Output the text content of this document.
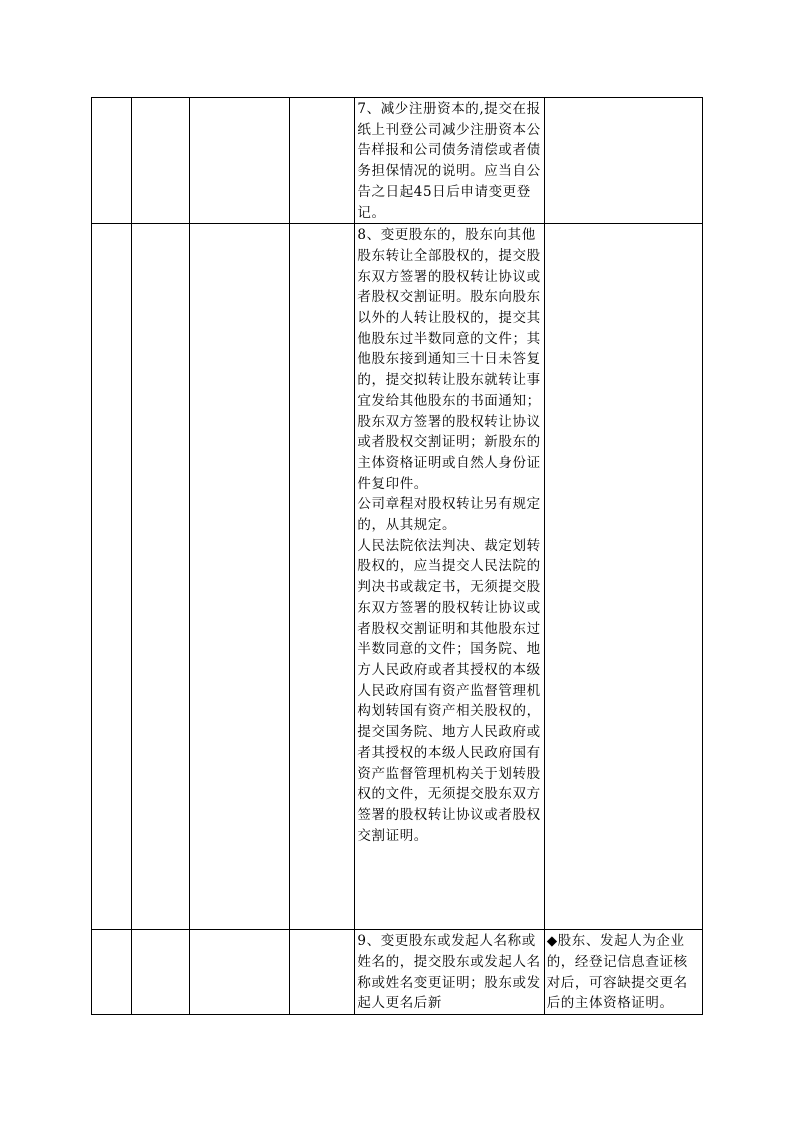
				7、减少注册资本的,提交在报纸上刊登公司减少注册资本公告样报和公司债务清偿或者债务担保情况的说明。应当自公告之日起45日后申请变更登记。	

				8、变更股东的，股东向其他股东转让全部股权的，提交股东双方签署的股权转让协议或者股权交割证明。股东向股东以外的人转让股权的，提交其他股东过半数同意的文件；其他股东接到通知三十日未答复的，提交拟转让股东就转让事宜发给其他股东的书面通知；股东双方签署的股权转让协议或者股权交割证明；新股东的主体资格证明或自然人身份证件复印件。
公司章程对股权转让另有规定的，从其规定。
人民法院依法判决、裁定划转股权的，应当提交人民法院的判决书或裁定书，无须提交股东双方签署的股权转让协议或者股权交割证明和其他股东过半数同意的文件；国务院、地方人民政府或者其授权的本级人民政府国有资产监督管理机构划转国有资产相关股权的，提交国务院、地方人民政府或者其授权的本级人民政府国有资产监督管理机构关于划转股权的文件，无须提交股东双方签署的股权转让协议或者股权交割证明。	

				9、变更股东或发起人名称或姓名的，提交股东或发起人名称或姓名变更证明；股东或发起人更名后新	◆股东、发起人为企业的，经登记信息查证核对后，可容缺提交更名后的主体资格证明。
